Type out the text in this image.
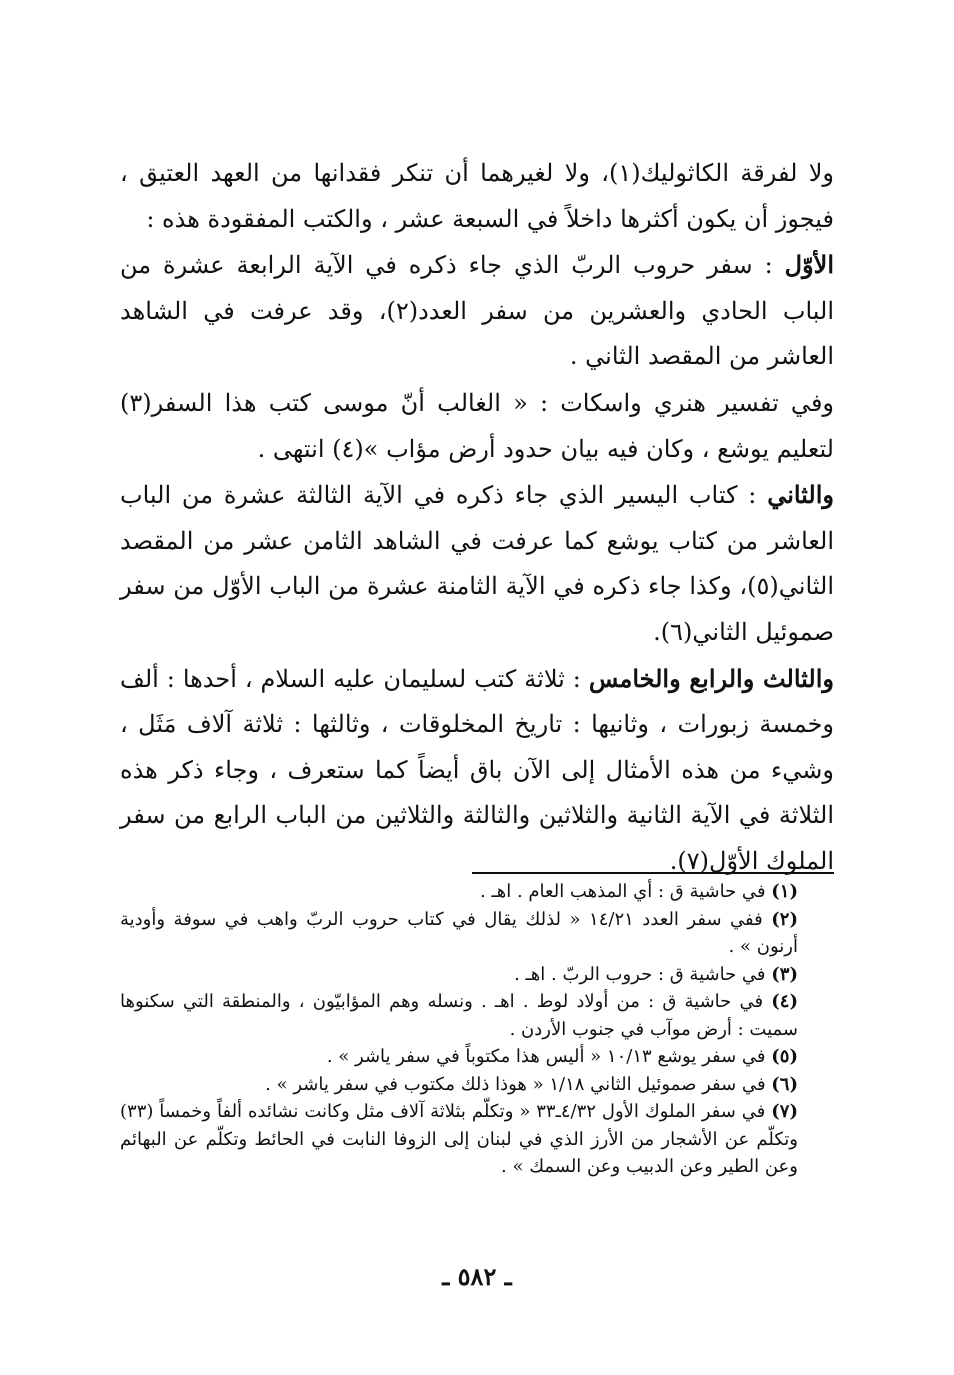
ولا لفرقة الكاثوليك(١)، ولا لغيرهما أن تنكر فقدانها من العهد العتيق ، فيجوز أن يكون أكثرها داخلاً في السبعة عشر ، والكتب المفقودة هذه :

الأوّل : سفر حروب الربّ الذي جاء ذكره في الآية الرابعة عشرة من الباب الحادي والعشرين من سفر العدد(٢)، وقد عرفت في الشاهد العاشر من المقصد الثاني .

وفي تفسير هنري واسكات : « الغالب أنّ موسى كتب هذا السفر(٣) لتعليم يوشع ، وكان فيه بيان حدود أرض مؤاب »(٤) انتهى .

والثاني : كتاب اليسير الذي جاء ذكره في الآية الثالثة عشرة من الباب العاشر من كتاب يوشع كما عرفت في الشاهد الثامن عشر من المقصد الثاني(٥)، وكذا جاء ذكره في الآية الثامنة عشرة من الباب الأوّل من سفر صموئيل الثاني(٦).

والثالث والرابع والخامس : ثلاثة كتب لسليمان عليه السلام ، أحدها : ألف وخمسة زبورات ، وثانيها : تاريخ المخلوقات ، وثالثها : ثلاثة آلاف مَثَل ، وشيء من هذه الأمثال إلى الآن باق أيضاً كما ستعرف ، وجاء ذكر هذه الثلاثة في الآية الثانية والثلاثين والثالثة والثلاثين من الباب الرابع من سفر الملوك الأوّل(٧).

(١) في حاشية ق : أي المذهب العام . اهـ .

(٢) ففي سفر العدد ١٤/٢١ « لذلك يقال في كتاب حروب الربّ واهب في سوفة وأودية أرنون » .

(٣) في حاشية ق : حروب الربّ . اهـ .

(٤) في حاشية ق : من أولاد لوط . اهـ . ونسله وهم المؤابيّون ، والمنطقة التي سكنوها سميت : أرض موآب في جنوب الأردن .

(٥) في سفر يوشع ١٠/١٣ « أليس هذا مكتوباً في سفر ياشر » .

(٦) في سفر صموئيل الثاني ١/١٨ « هوذا ذلك مكتوب في سفر ياشر » .

(٧) في سفر الملوك الأول ٤/٣٢ـ٣٣ « وتكلّم بثلاثة آلاف مثل وكانت نشائده ألفاً وخمساً (٣٣) وتكلّم عن الأشجار من الأرز الذي في لبنان إلى الزوفا النابت في الحائط وتكلّم عن البهائم وعن الطير وعن الدبيب وعن السمك » .

ـ ٥٨٢ ـ
